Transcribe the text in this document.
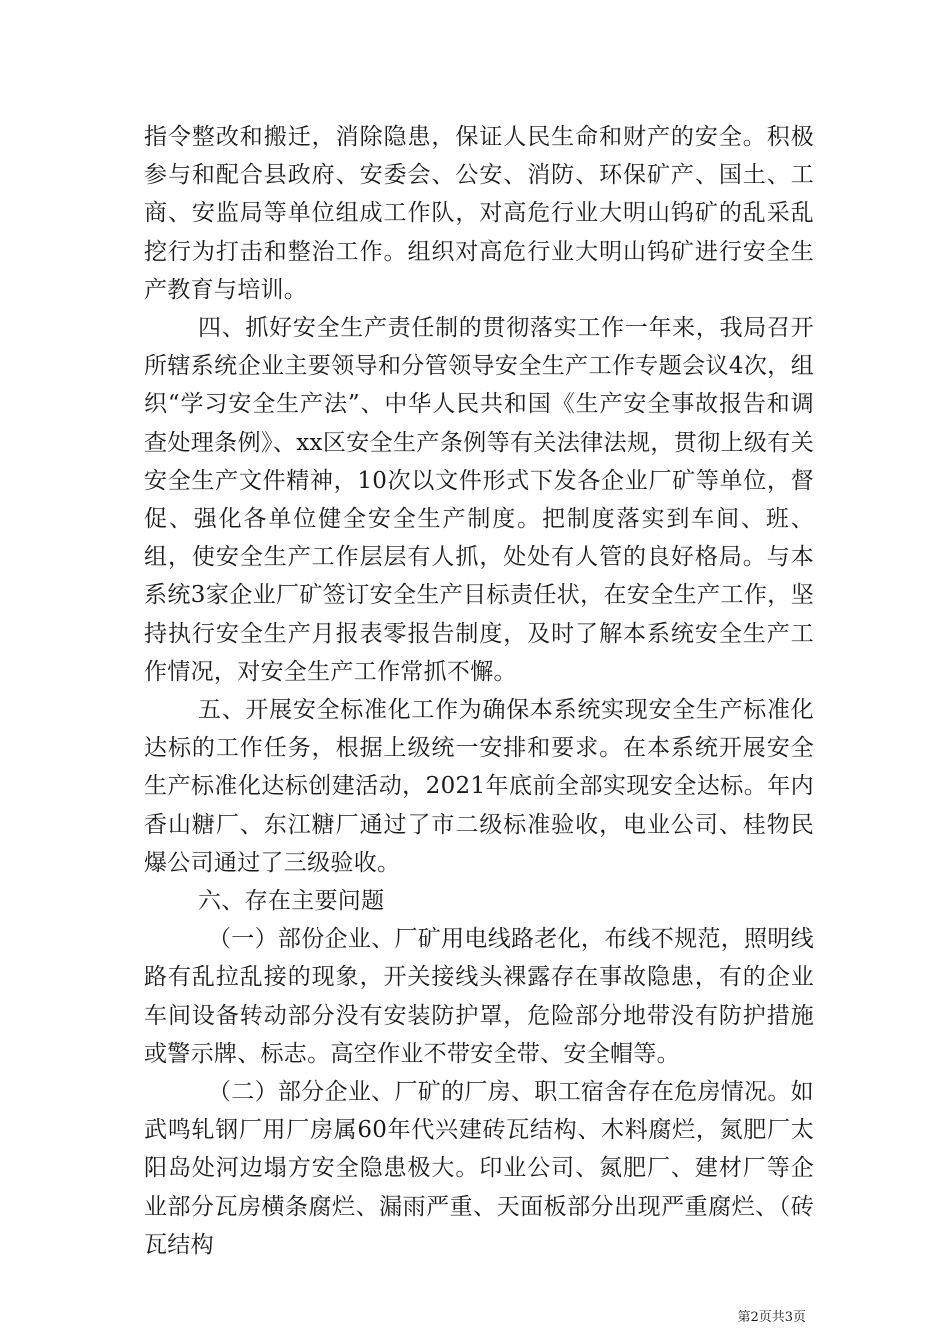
指令整改和搬迁，消除隐患，保证人民生命和财产的安全。积极参与和配合县政府、安委会、公安、消防、环保矿产、国土、工商、安监局等单位组成工作队，对高危行业大明山钨矿的乱采乱挖行为打击和整治工作。组织对高危行业大明山钨矿进行安全生产教育与培训。

四、抓好安全生产责任制的贯彻落实工作一年来，我局召开所辖系统企业主要领导和分管领导安全生产工作专题会议4次，组织“学习安全生产法”、中华人民共和国《生产安全事故报告和调查处理条例》、xx区安全生产条例等有关法律法规，贯彻上级有关安全生产文件精神，10次以文件形式下发各企业厂矿等单位，督促、强化各单位健全安全生产制度。把制度落实到车间、班、组，使安全生产工作层层有人抓，处处有人管的良好格局。与本系统3家企业厂矿签订安全生产目标责任状，在安全生产工作，坚持执行安全生产月报表零报告制度，及时了解本系统安全生产工作情况，对安全生产工作常抓不懈。

五、开展安全标准化工作为确保本系统实现安全生产标准化达标的工作任务，根据上级统一安排和要求。在本系统开展安全生产标准化达标创建活动，2021年底前全部实现安全达标。年内香山糖厂、东江糖厂通过了市二级标准验收，电业公司、桂物民爆公司通过了三级验收。

六、存在主要问题

（一）部份企业、厂矿用电线路老化，布线不规范，照明线路有乱拉乱接的现象，开关接线头裸露存在事故隐患，有的企业车间设备转动部分没有安装防护罩，危险部分地带没有防护措施或警示牌、标志。高空作业不带安全带、安全帽等。

（二）部分企业、厂矿的厂房、职工宿舍存在危房情况。如武鸣轧钢厂用厂房属60年代兴建砖瓦结构、木料腐烂，氮肥厂太阳岛处河边塌方安全隐患极大。印业公司、氮肥厂、建材厂等企业部分瓦房横条腐烂、漏雨严重、天面板部分出现严重腐烂、（砖瓦结构

第2页共3页
